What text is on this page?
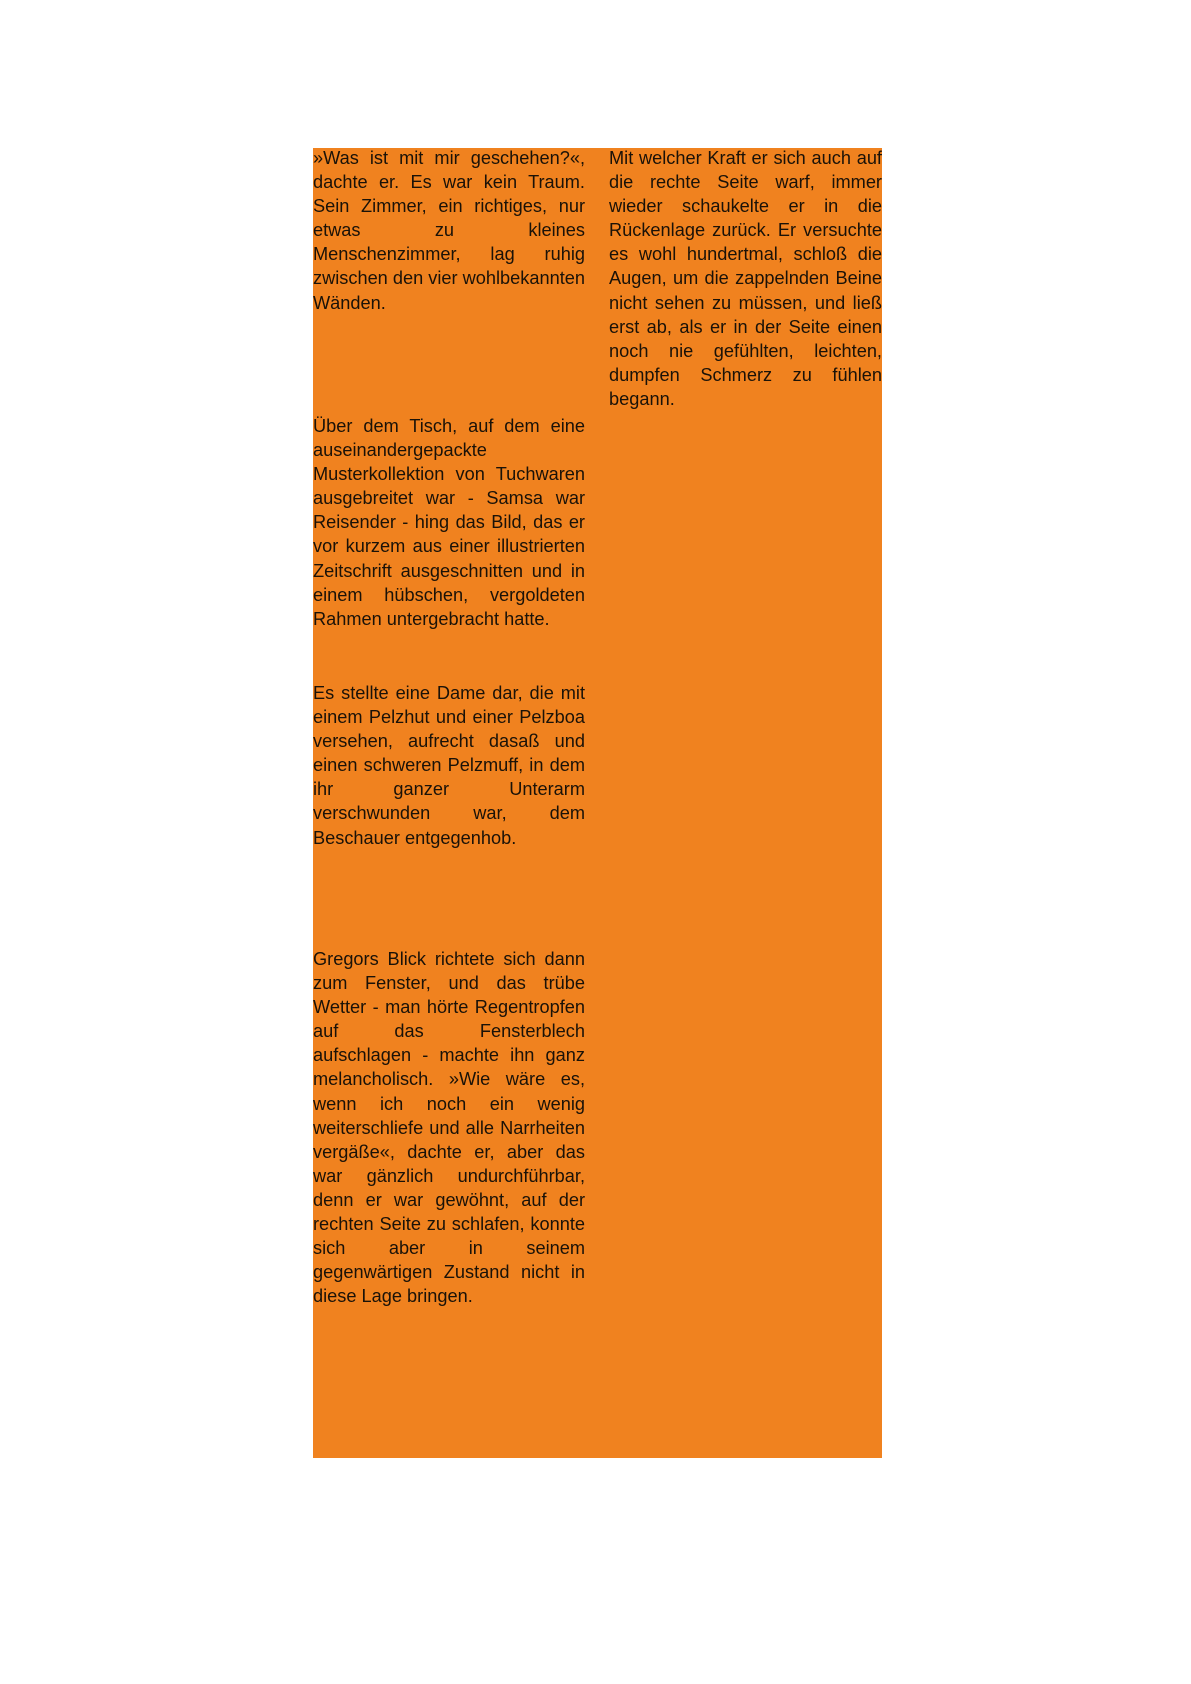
»Was ist mit mir geschehen?«, dachte er. Es war kein Traum. Sein Zimmer, ein richtiges, nur etwas zu kleines Menschenzimmer, lag ruhig zwischen den vier wohlbekannten Wänden.

Über dem Tisch, auf dem eine auseinandergepackte Musterkollektion von Tuchwaren ausgebreitet war - Samsa war Reisender - hing das Bild, das er vor kurzem aus einer illustrierten Zeitschrift ausgeschnitten und in einem hübschen, vergoldeten Rahmen untergebracht hatte.

Es stellte eine Dame dar, die mit einem Pelzhut und einer Pelzboa versehen, aufrecht dasaß und einen schweren Pelzmuff, in dem ihr ganzer Unterarm verschwunden war, dem Beschauer entgegenhob.

Gregors Blick richtete sich dann zum Fenster, und das trübe Wetter - man hörte Regentropfen auf das Fensterblech aufschlagen - machte ihn ganz melancholisch. »Wie wäre es, wenn ich noch ein wenig weiterschliefe und alle Narrheiten vergäße«, dachte er, aber das war gänzlich undurchführbar, denn er war gewöhnt, auf der rechten Seite zu schlafen, konnte sich aber in seinem gegenwärtigen Zustand nicht in diese Lage bringen.

Mit welcher Kraft er sich auch auf die rechte Seite warf, immer wieder schaukelte er in die Rückenlage zurück. Er versuchte es wohl hundertmal, schloß die Augen, um die zappelnden Beine nicht sehen zu müssen, und ließ erst ab, als er in der Seite einen noch nie gefühlten, leichten, dumpfen Schmerz zu fühlen begann.
